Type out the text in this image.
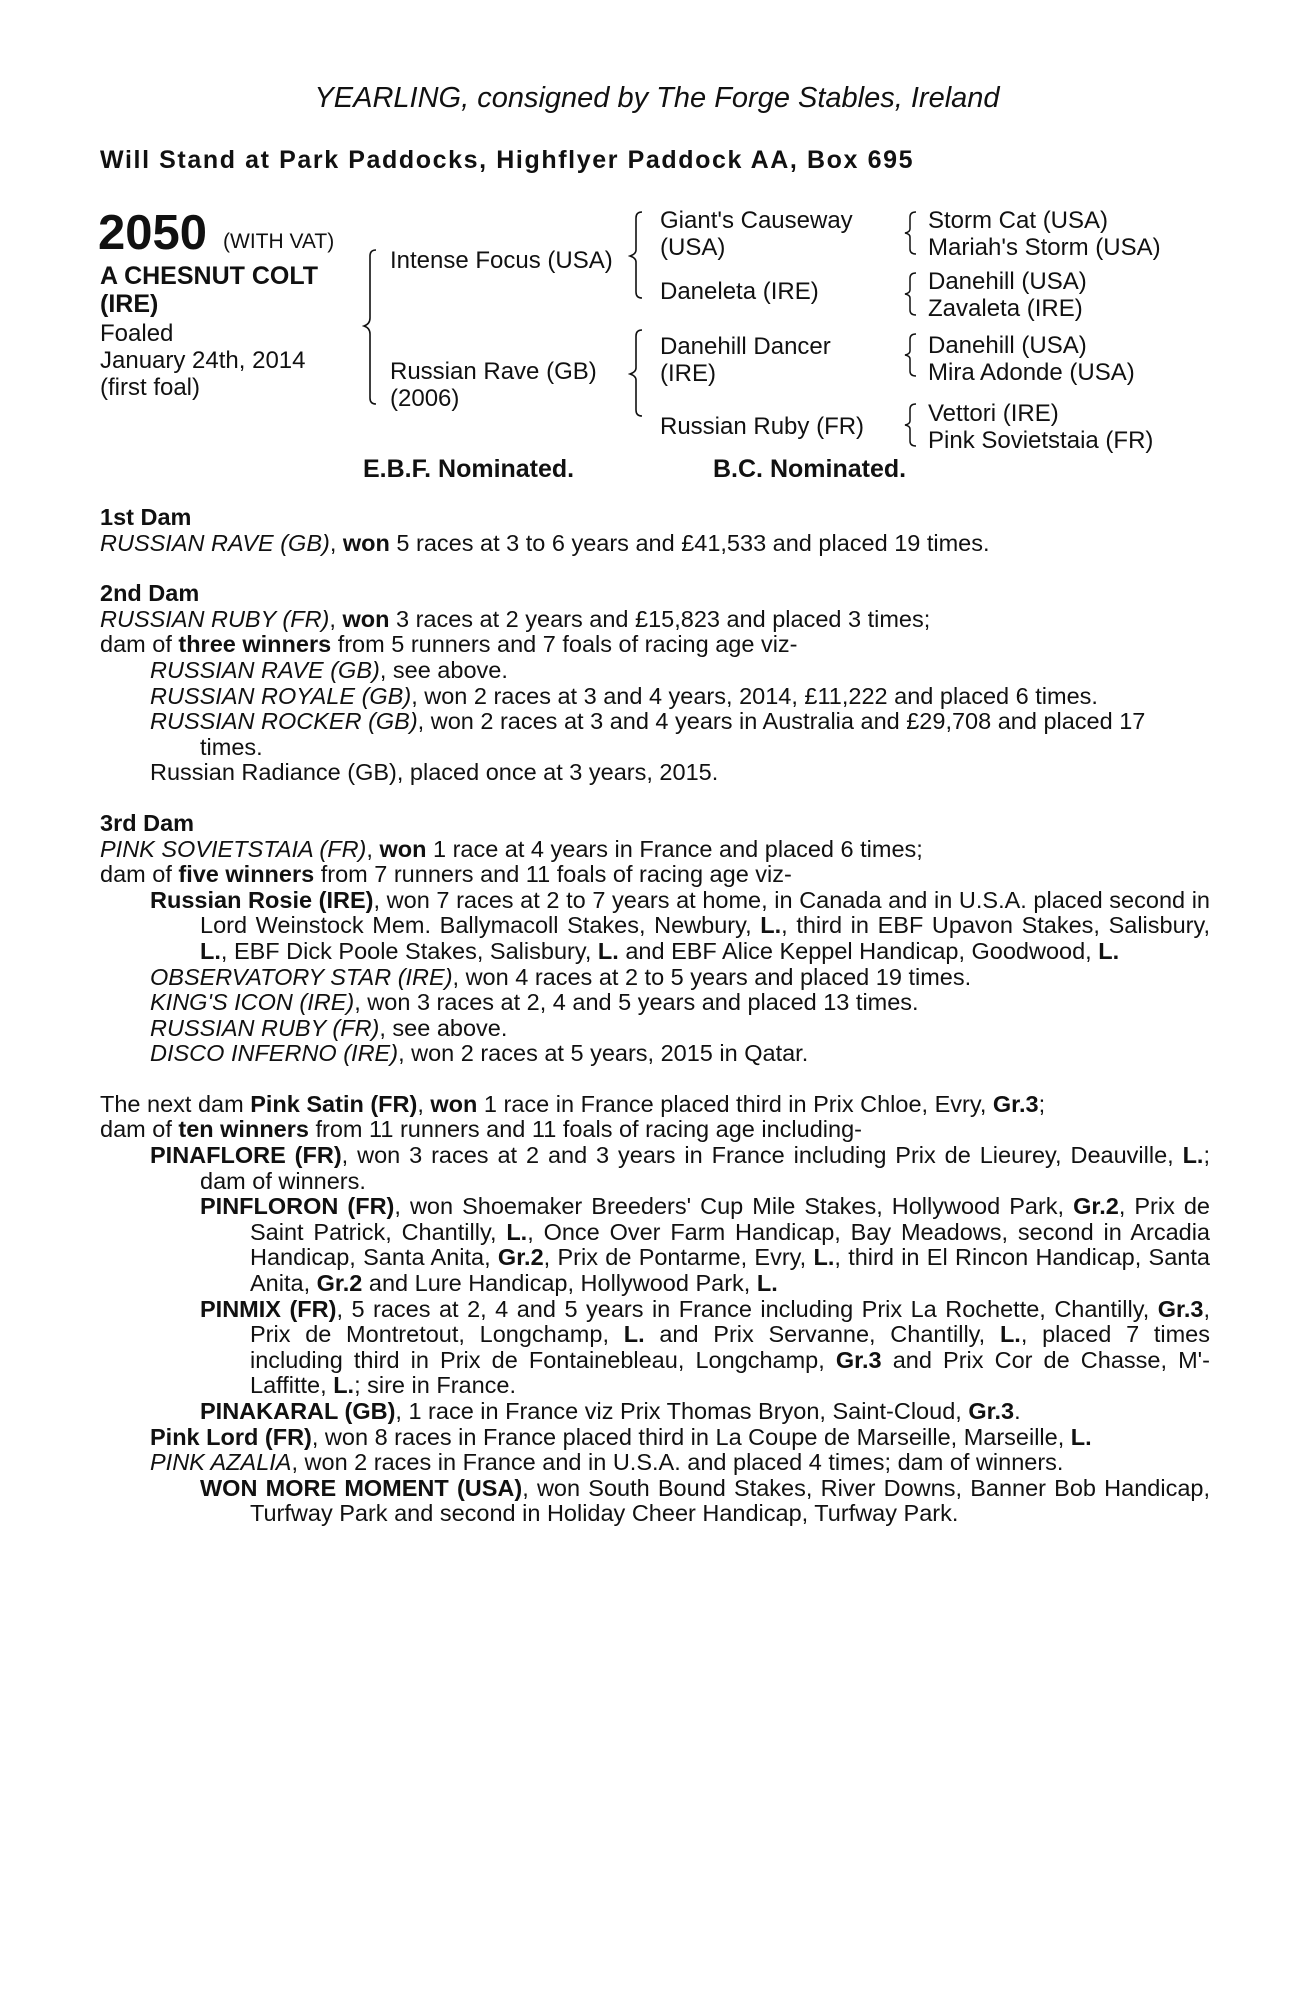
YEARLING, consigned by The Forge Stables, Ireland
Will Stand at Park Paddocks, Highflyer Paddock AA, Box 695
2050 (WITH VAT)
A CHESNUT COLT
(IRE)
Foaled
January 24th, 2014
(first foal)
Intense Focus (USA)
Russian Rave (GB)
(2006)
Giant's Causeway
(USA)
Daneleta (IRE)
Danehill Dancer
(IRE)
Russian Ruby (FR)
Storm Cat (USA)
Mariah's Storm (USA)
Danehill (USA)
Zavaleta (IRE)
Danehill (USA)
Mira Adonde (USA)
Vettori (IRE)
Pink Sovietstaia (FR)
E.B.F. Nominated.	B.C. Nominated.

1st Dam

RUSSIAN RAVE (GB), won 5 races at 3 to 6 years and £41,533 and placed 19 times.

2nd Dam

RUSSIAN RUBY (FR), won 3 races at 2 years and £15,823 and placed 3 times;

dam of three winners from 5 runners and 7 foals of racing age viz-

RUSSIAN RAVE (GB), see above.

RUSSIAN ROYALE (GB), won 2 races at 3 and 4 years, 2014, £11,222 and placed 6 times.

RUSSIAN ROCKER (GB), won 2 races at 3 and 4 years in Australia and £29,708 and placed 17 times.

Russian Radiance (GB), placed once at 3 years, 2015.

3rd Dam

PINK SOVIETSTAIA (FR), won 1 race at 4 years in France and placed 6 times;

dam of five winners from 7 runners and 11 foals of racing age viz-

Russian Rosie (IRE), won 7 races at 2 to 7 years at home, in Canada and in U.S.A. placed second in Lord Weinstock Mem. Ballymacoll Stakes, Newbury, L., third in EBF Upavon Stakes, Salisbury, L., EBF Dick Poole Stakes, Salisbury, L. and EBF Alice Keppel Handicap, Goodwood, L.

OBSERVATORY STAR (IRE), won 4 races at 2 to 5 years and placed 19 times.

KING'S ICON (IRE), won 3 races at 2, 4 and 5 years and placed 13 times.

RUSSIAN RUBY (FR), see above.

DISCO INFERNO (IRE), won 2 races at 5 years, 2015 in Qatar.

The next dam Pink Satin (FR), won 1 race in France placed third in Prix Chloe, Evry, Gr.3;

dam of ten winners from 11 runners and 11 foals of racing age including-

PINAFLORE (FR), won 3 races at 2 and 3 years in France including Prix de Lieurey, Deauville, L.; dam of winners.

PINFLORON (FR), won Shoemaker Breeders' Cup Mile Stakes, Hollywood Park, Gr.2, Prix de Saint Patrick, Chantilly, L., Once Over Farm Handicap, Bay Meadows, second in Arcadia Handicap, Santa Anita, Gr.2, Prix de Pontarme, Evry, L., third in El Rincon Handicap, Santa Anita, Gr.2 and Lure Handicap, Hollywood Park, L.

PINMIX (FR), 5 races at 2, 4 and 5 years in France including Prix La Rochette, Chantilly, Gr.3, Prix de Montretout, Longchamp, L. and Prix Servanne, Chantilly, L., placed 7 times including third in Prix de Fontainebleau, Longchamp, Gr.3 and Prix Cor de Chasse, M'-Laffitte, L.; sire in France.

PINAKARAL (GB), 1 race in France viz Prix Thomas Bryon, Saint-Cloud, Gr.3.

Pink Lord (FR), won 8 races in France placed third in La Coupe de Marseille, Marseille, L.

PINK AZALIA, won 2 races in France and in U.S.A. and placed 4 times; dam of winners.

WON MORE MOMENT (USA), won South Bound Stakes, River Downs, Banner Bob Handicap, Turfway Park and second in Holiday Cheer Handicap, Turfway Park.
